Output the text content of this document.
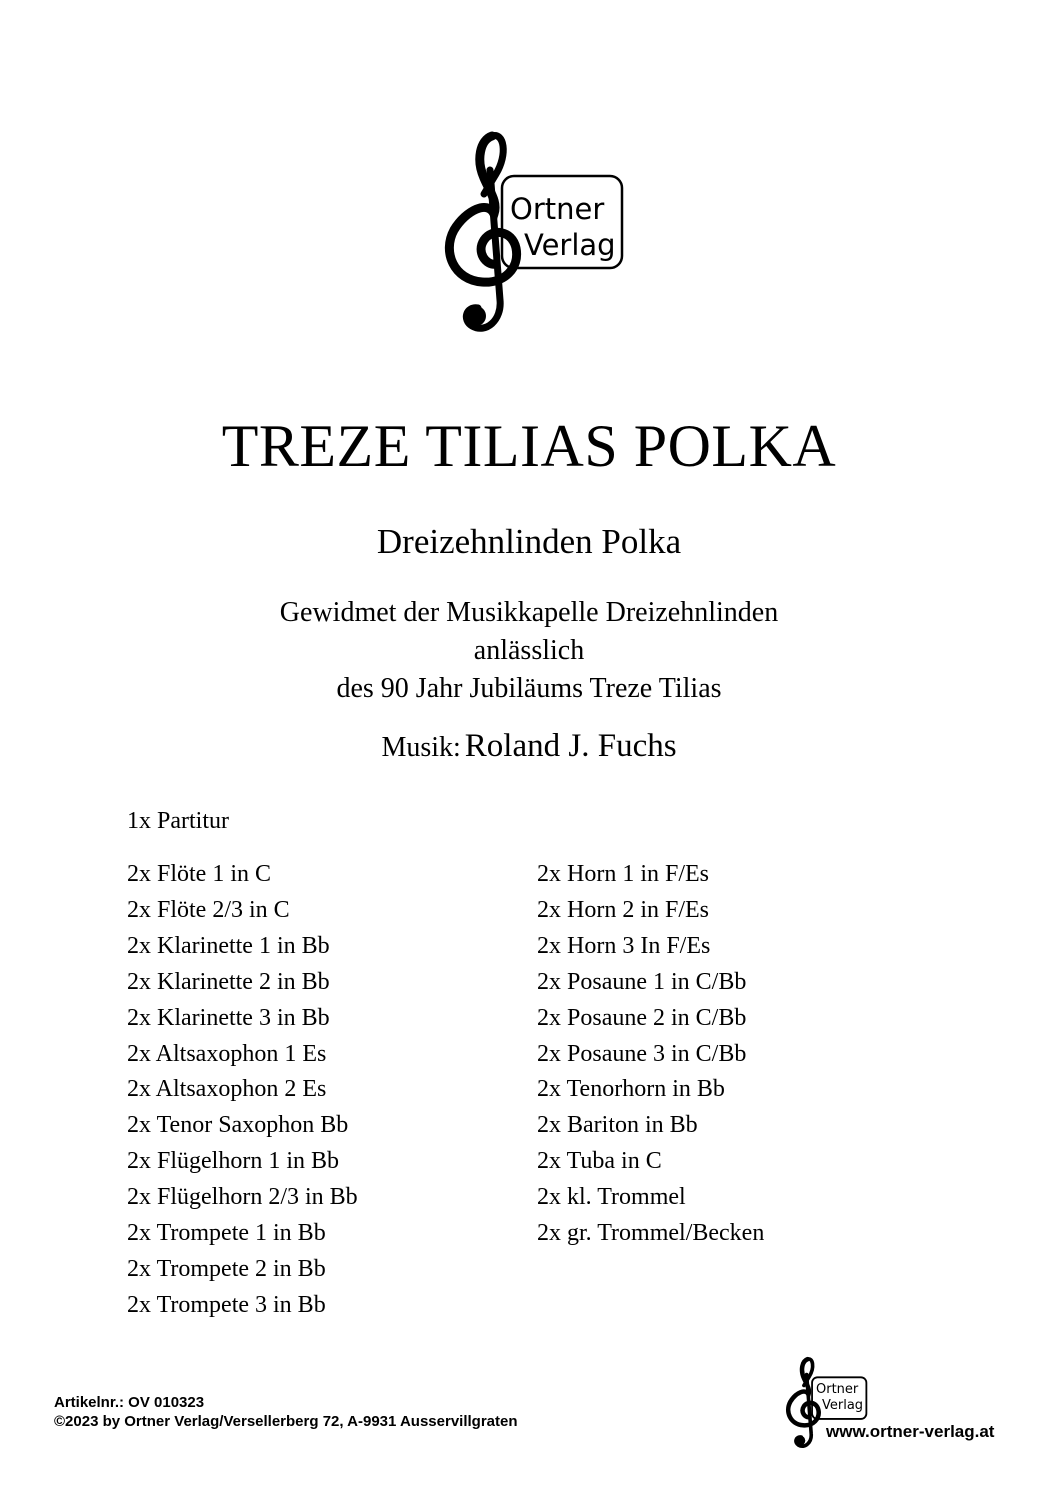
Ortner
Verlag
TREZE TILIAS POLKA
Dreizehnlinden Polka
Gewidmet der Musikkapelle Dreizehnlinden
anlässlich
des 90 Jahr Jubiläums Treze Tilias
Musik: Roland J. Fuchs
1x Partitur
2x Flöte 1 in C
2x Flöte 2/3 in C
2x Klarinette 1 in Bb
2x Klarinette 2 in Bb
2x Klarinette 3 in Bb
2x Altsaxophon 1 Es
2x Altsaxophon 2 Es
2x Tenor Saxophon Bb
2x Flügelhorn 1 in Bb
2x Flügelhorn 2/3 in Bb
2x Trompete 1 in Bb
2x Trompete 2 in Bb
2x Trompete 3 in Bb
2x Horn 1 in F/Es
2x Horn 2 in F/Es
2x Horn 3 In F/Es
2x Posaune 1 in C/Bb
2x Posaune 2 in C/Bb
2x Posaune 3 in C/Bb
2x Tenorhorn in Bb
2x Bariton in Bb
2x Tuba in C
2x kl. Trommel
2x gr. Trommel/Becken
Artikelnr.: OV 010323
©2023 by Ortner Verlag/Versellerberg 72, A-9931 Ausservillgraten
Ortner
Verlag
www.ortner-verlag.at
